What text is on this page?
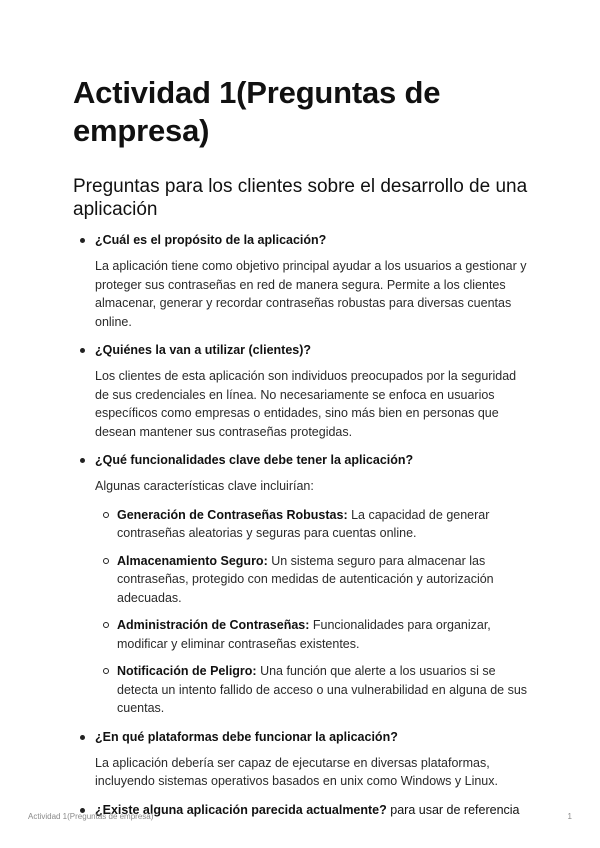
Actividad 1(Preguntas de empresa)
Preguntas para los clientes sobre el desarrollo de una aplicación
¿Cuál es el propósito de la aplicación?
La aplicación tiene como objetivo principal ayudar a los usuarios a gestionar y proteger sus contraseñas en red de manera segura. Permite a los clientes almacenar, generar y recordar contraseñas robustas para diversas cuentas online.
¿Quiénes la van a utilizar (clientes)?
Los clientes de esta aplicación son individuos preocupados por la seguridad de sus credenciales en línea. No necesariamente se enfoca en usuarios específicos como empresas o entidades, sino más bien en personas que desean mantener sus contraseñas protegidas.
¿Qué funcionalidades clave debe tener la aplicación?
Algunas características clave incluirían:
Generación de Contraseñas Robustas: La capacidad de generar contraseñas aleatorias y seguras para cuentas online.
Almacenamiento Seguro: Un sistema seguro para almacenar las contraseñas, protegido con medidas de autenticación y autorización adecuadas.
Administración de Contraseñas: Funcionalidades para organizar, modificar y eliminar contraseñas existentes.
Notificación de Peligro: Una función que alerte a los usuarios si se detecta un intento fallido de acceso o una vulnerabilidad en alguna de sus cuentas.
¿En qué plataformas debe funcionar la aplicación?
La aplicación debería ser capaz de ejecutarse en diversas plataformas, incluyendo sistemas operativos basados en unix como Windows y Linux.
¿Existe alguna aplicación parecida actualmente? para usar de referencia
Actividad 1(Preguntas de empresa)	1
